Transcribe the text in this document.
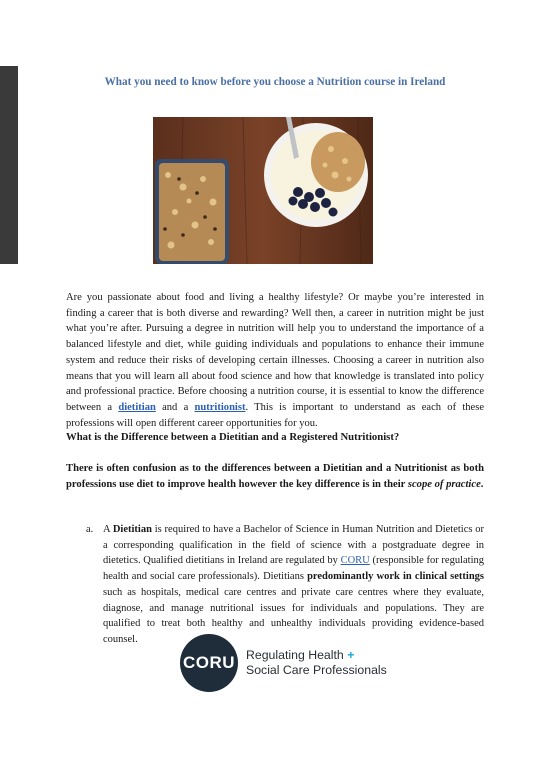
What you need to know before you choose a Nutrition course in Ireland
Are you passionate about food and living a healthy lifestyle? Or maybe you’re interested in finding a career that is both diverse and rewarding? Well then, a career in nutrition might be just what you’re after. Pursuing a degree in nutrition will help you to understand the importance of a balanced lifestyle and diet, while guiding individuals and populations to enhance their immune system and reduce their risks of developing certain illnesses. Choosing a career in nutrition also means that you will learn all about food science and how that knowledge is translated into policy and professional practice. Before choosing a nutrition course, it is essential to know the difference between a dietitian and a nutritionist. This is important to understand as each of these professions will open different career opportunities for you.
What is the Difference between a Dietitian and a Registered Nutritionist?
There is often confusion as to the differences between a Dietitian and a Nutritionist as both professions use diet to improve health however the key difference is in their scope of practice.
a. A Dietitian is required to have a Bachelor of Science in Human Nutrition and Dietetics or a corresponding qualification in the field of science with a postgraduate degree in dietetics. Qualified dietitians in Ireland are regulated by CORU (responsible for regulating health and social care professionals). Dietitians predominantly work in clinical settings such as hospitals, medical care centres and private care centres where they evaluate, diagnose, and manage nutritional issues for individuals and populations. They are qualified to treat both healthy and unhealthy individuals providing evidence-based counsel.
CORU Regulating Health +
Social Care Professionals
